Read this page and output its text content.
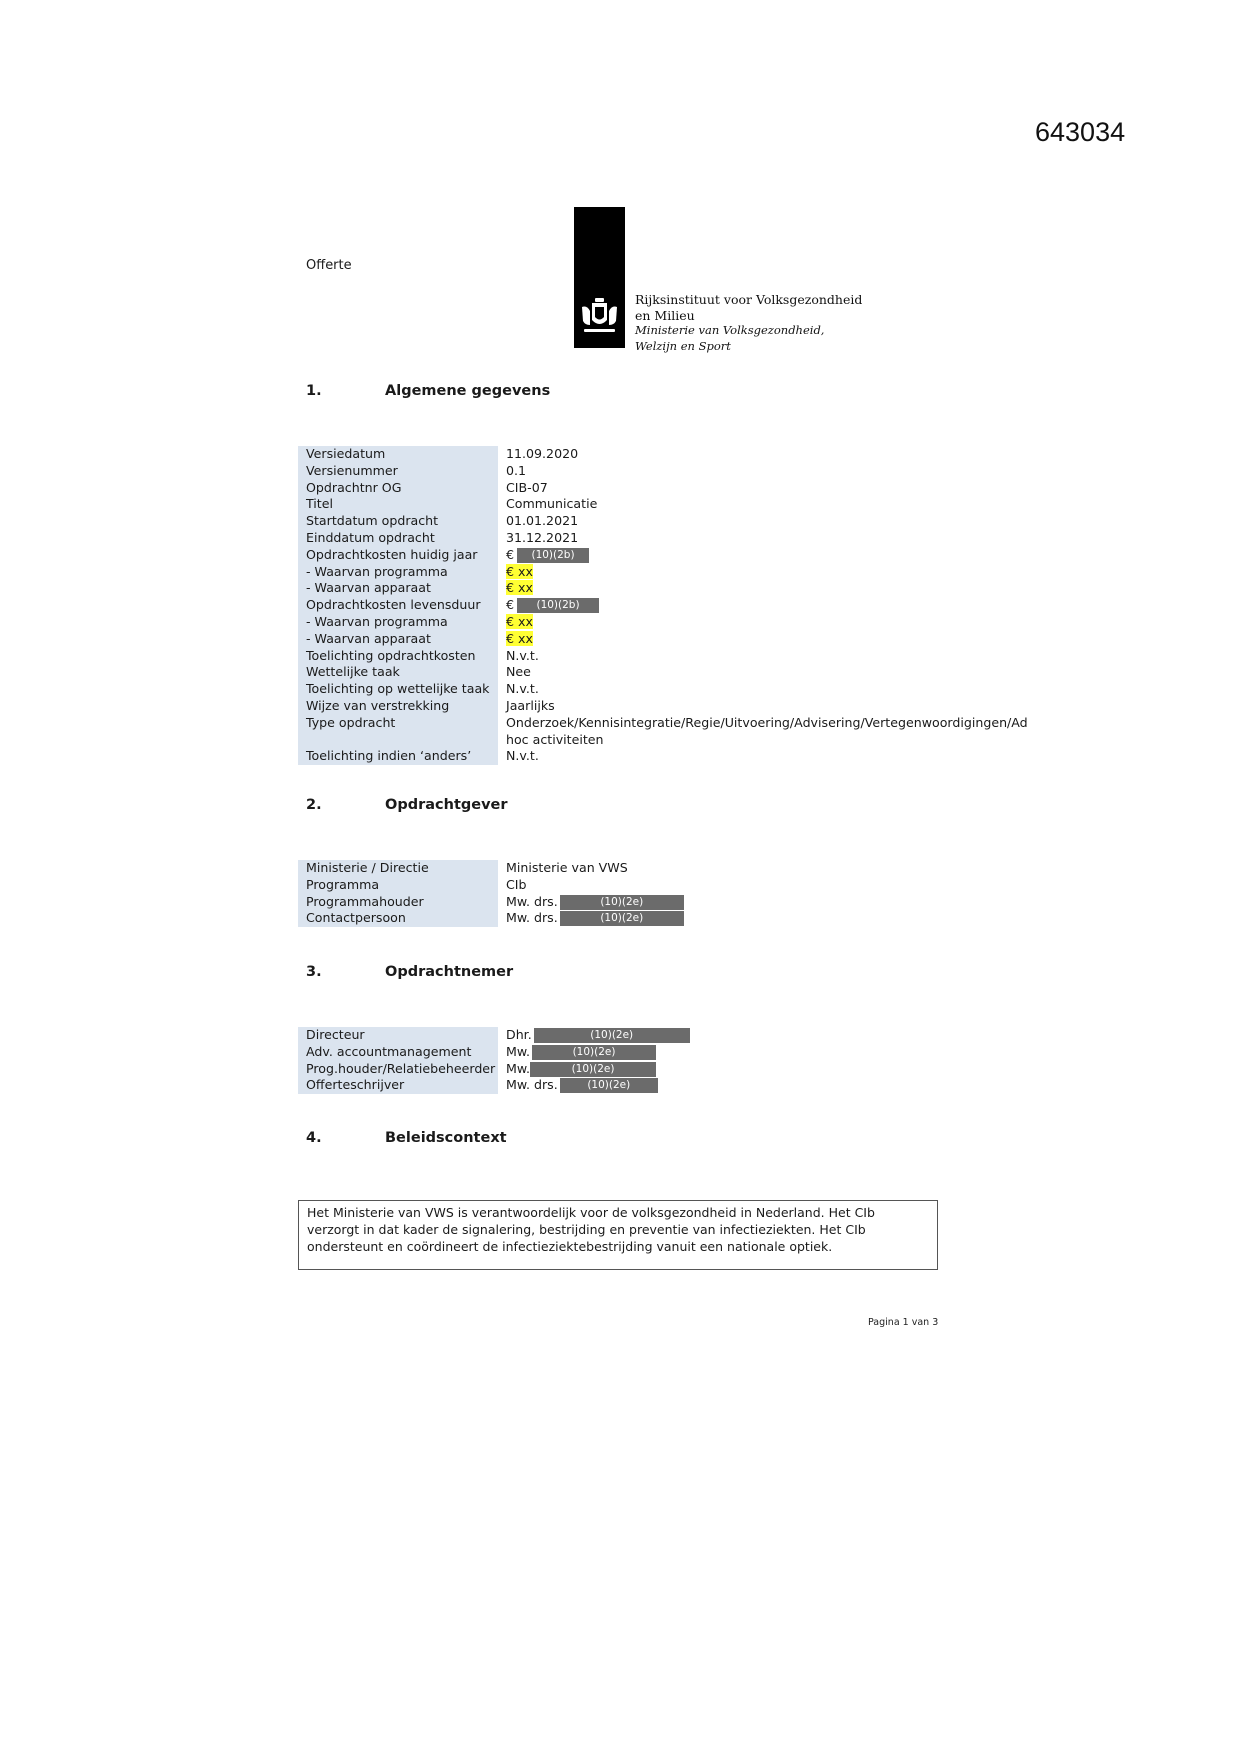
643034
Offerte
Rijksinstituut voor Volksgezondheid
en Milieu
Ministerie van Volksgezondheid,
Welzijn en Sport
1.	Algemene gegevens
Versiedatum	11.09.2020
Versienummer	0.1
Opdrachtnr OG	CIB-07
Titel	Communicatie
Startdatum opdracht	01.01.2021
Einddatum opdracht	31.12.2021
Opdrachtkosten huidig jaar	€ (10)(2b)
- Waarvan programma	€ xx
- Waarvan apparaat	€ xx
Opdrachtkosten levensduur	€ (10)(2b)
- Waarvan programma	€ xx
- Waarvan apparaat	€ xx
Toelichting opdrachtkosten	N.v.t.
Wettelijke taak	Nee
Toelichting op wettelijke taak	N.v.t.
Wijze van verstrekking	Jaarlijks
Type opdracht	Onderzoek/Kennisintegratie/Regie/Uitvoering/Advisering/Vertegenwoordigingen/Ad hoc activiteiten
Toelichting indien ‘anders’	N.v.t.
2.	Opdrachtgever
Ministerie / Directie	Ministerie van VWS
Programma	CIb
Programmahouder	Mw. drs.	(10)(2e)
Contactpersoon	Mw. drs.	(10)(2e)
3.	Opdrachtnemer
Directeur	Dhr.	(10)(2e)
Adv. accountmanagement	Mw.	(10)(2e)
Prog.houder/Relatiebeheerder Mw.	(10)(2e)
Offerteschrijver	Mw. drs.	(10)(2e)
4.	Beleidscontext
Het Ministerie van VWS is verantwoordelijk voor de volksgezondheid in Nederland. Het CIb verzorgt in dat kader de signalering, bestrijding en preventie van infectieziekten. Het CIb ondersteunt en coördineert de infectieziektebestrijding vanuit een nationale optiek.
Pagina 1 van 3
